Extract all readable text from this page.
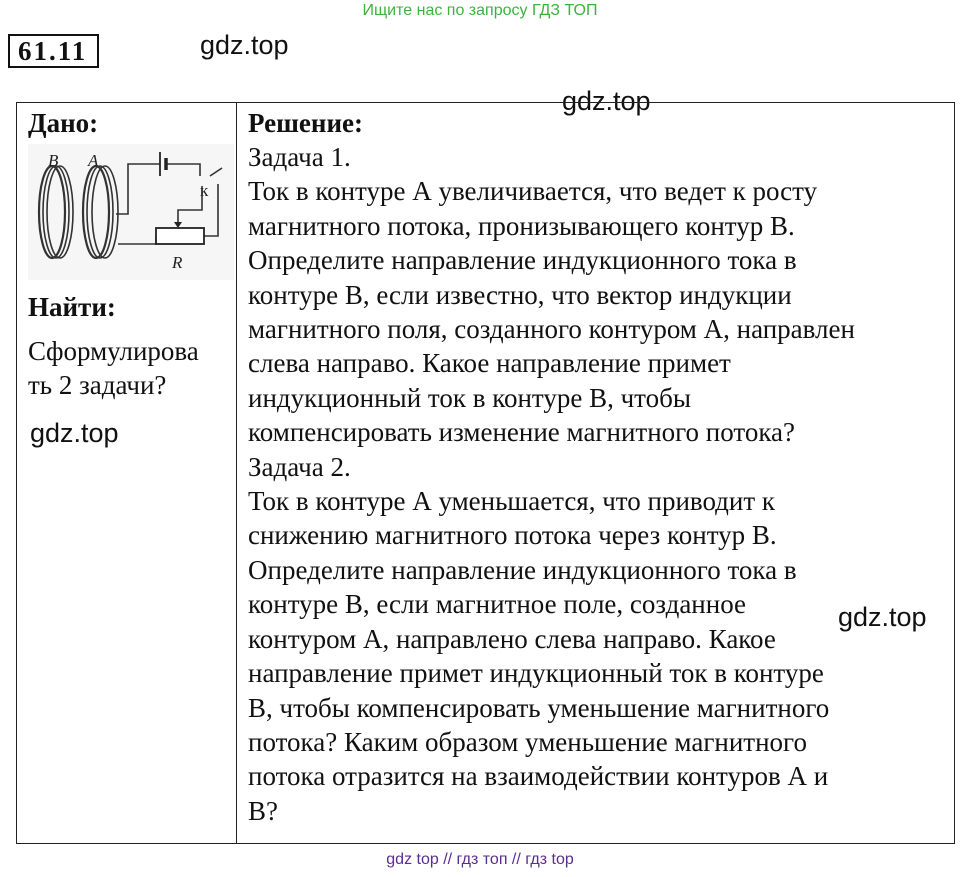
Ищите нас по запросу ГДЗ ТОП
61.11	gdz.top
gdz.top
gdz.top
gdz.top
Дано:
B A
к
R
Найти:
Сформулирова
ть 2 задачи?
Решение:
Задача 1.
Ток в контуре А увеличивается, что ведет к росту
магнитного потока, пронизывающего контур В.
Определите направление индукционного тока в
контуре В, если известно, что вектор индукции
магнитного поля, созданного контуром А, направлен
слева направо. Какое направление примет
индукционный ток в контуре В, чтобы
компенсировать изменение магнитного потока?
Задача 2.
Ток в контуре А уменьшается, что приводит к
снижению магнитного потока через контур В.
Определите направление индукционного тока в
контуре В, если магнитное поле, созданное
контуром А, направлено слева направо. Какое
направление примет индукционный ток в контуре
В, чтобы компенсировать уменьшение магнитного
потока? Каким образом уменьшение магнитного
потока отразится на взаимодействии контуров А и
В?
gdz top // гдз топ // гдз top
